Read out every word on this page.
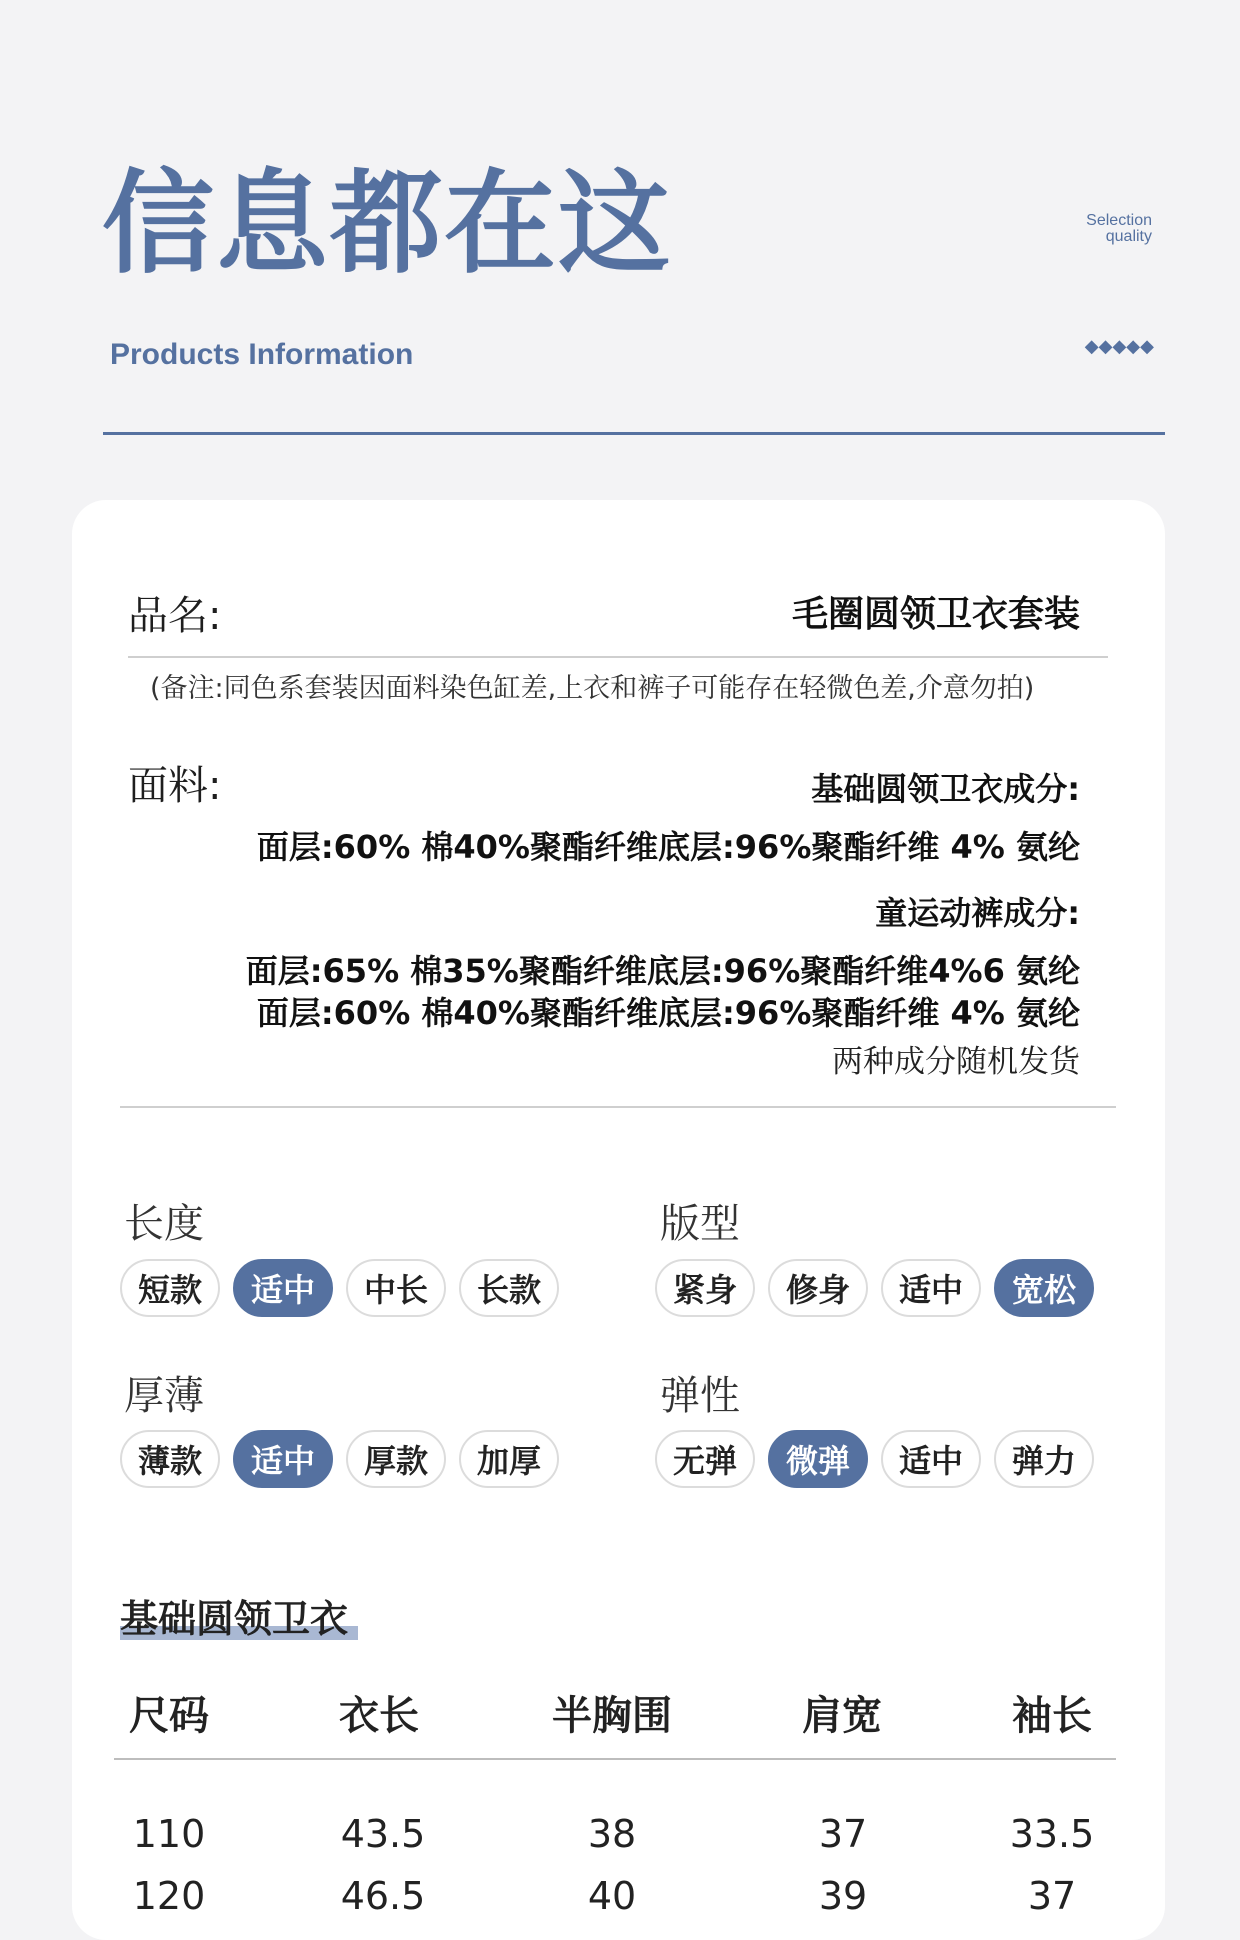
信息都在这
Products Information
Selection
quality
◆◆◆◆◆
品名:	毛圈圆领卫衣套装
(备注:同色系套装因面料染色缸差,上衣和裤子可能存在轻微色差,介意勿拍)
面料:	基础圆领卫衣成分:
面层:60% 棉40%聚酯纤维底层:96%聚酯纤维 4% 氨纶
童运动裤成分:
面层:65% 棉35%聚酯纤维底层:96%聚酯纤维4%6 氨纶
面层:60% 棉40%聚酯纤维底层:96%聚酯纤维 4% 氨纶
两种成分随机发货
长度
短款	适中	中长	长款
版型
紧身	修身	适中	宽松
厚薄
薄款	适中	厚款	加厚
弹性
无弹	微弹	适中	弹力
基础圆领卫衣
尺码	衣长	半胸围	肩宽	袖长
110	43.5	38	37	33.5
120	46.5	40	39	37
